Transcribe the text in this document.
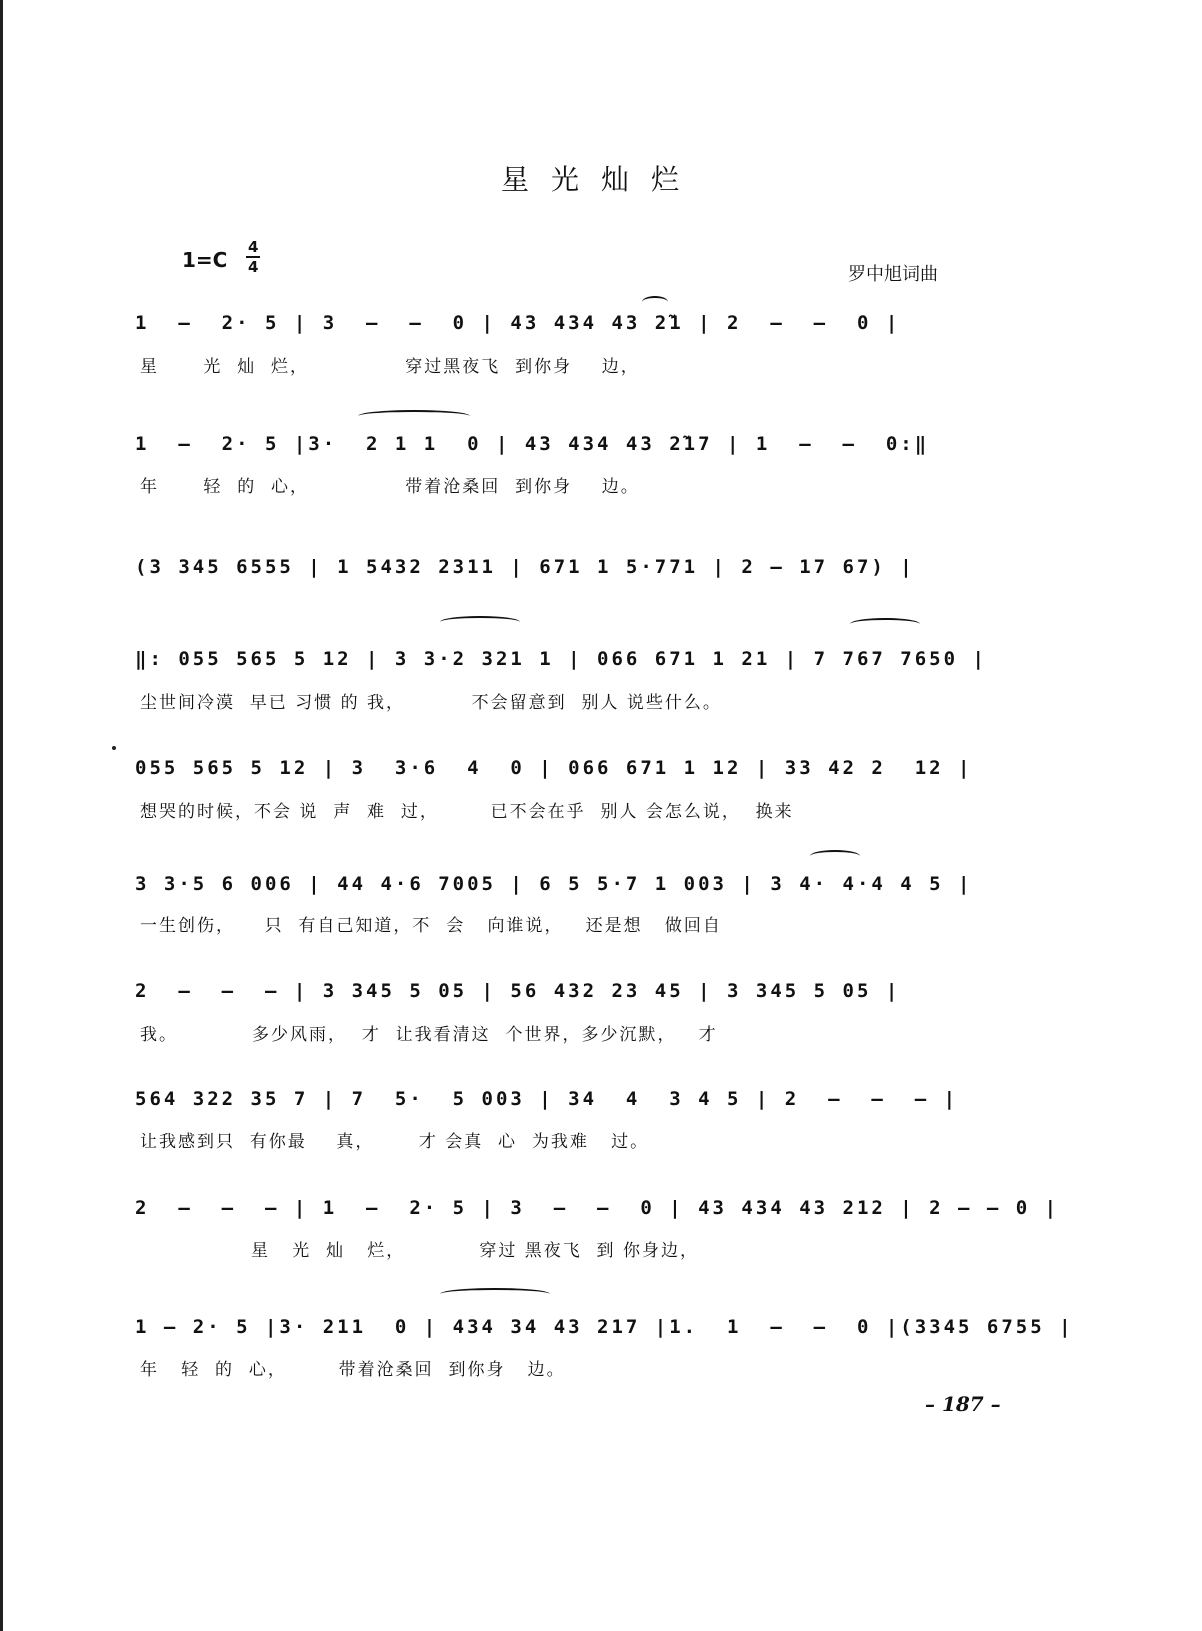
星光灿烂
1=C
4
4	罗中旭词曲
1  –  2· 5 | 3  –  –  0 | 43 434 43 2̃1 | 2  –  –  0 |
星      光  灿  烂，             穿过黑夜飞  到你身    边，
1  –  2· 5 |3·  2 1 1  0 | 43 434 43 2̃17 | 1  –  –  0:‖
年      轻  的  心，             带着沧桑回  到你身    边。
(3 345 6555 | 1 5432 2311 | 671 1 5·771 | 2 – 17 67) |
‖: 055 565 5 12 | 3 3·2 321 1 | 066 671 1 21 | 7 767 7650 |
尘世间冷漠  早已 习惯 的 我，         不会留意到  别人 说些什么。
055 565 5 12 | 3  3·6  4  0 | 066 671 1 12 | 33 42 2  12 |
想哭的时候，不会 说  声  难  过，       已不会在乎  别人 会怎么说，  换来
3 3·5 6 006 | 44 4·6 7005 | 6 5 5·7 1 003 | 3 4· 4·4 4 5 |
一生创伤，    只  有自己知道，不  会   向谁说，   还是想   做回自
2  –  –  – | 3 345 5 05 | 56 432 23 45 | 3 345 5 05 |
我。          多少风雨，  才  让我看清这  个世界，多少沉默，   才
564 322 35 7 | 7  5·  5 003 | 34  4  3 4 5 | 2  –  –  – |
让我感到只  有你最    真，      才 会真  心  为我难   过。
2  –  –  – | 1  –  2· 5 | 3  –  –  0 | 43 434 43 212 | 2 – – 0 |
星   光  灿   烂，          穿过 黑夜飞  到 你身边，
1 – 2· 5 |3· 211  0 | 434 34 43 217 |1.  1  –  –  0 |(3345 6755 |
年   轻  的  心，       带着沧桑回  到你身   边。
– 187 –
